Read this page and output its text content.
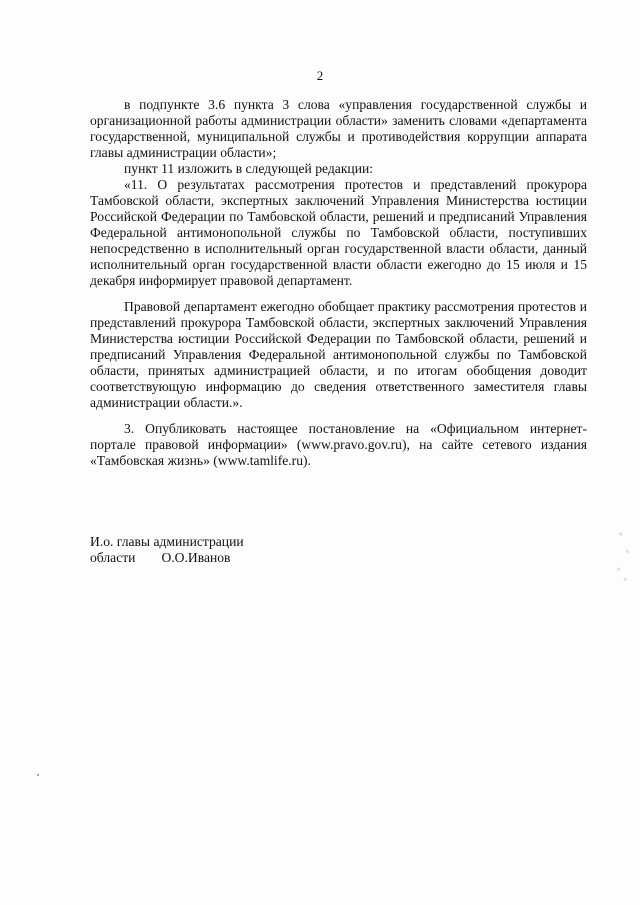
2

в подпункте 3.6 пункта 3 слова «управления государственной службы и организационной работы администрации области» заменить словами «департамента государственной, муниципальной службы и противодействия коррупции аппарата главы администрации области»;

пункт 11 изложить в следующей редакции:

«11. О результатах рассмотрения протестов и представлений прокурора Тамбовской области, экспертных заключений Управления Министерства юстиции Российской Федерации по Тамбовской области, решений и предписаний Управления Федеральной антимонопольной службы по Тамбовской области, поступивших непосредственно в исполнительный орган государственной власти области, данный исполнительный орган государственной власти области ежегодно до 15 июля и 15 декабря информирует правовой департамент.

Правовой департамент ежегодно обобщает практику рассмотрения протестов и представлений прокурора Тамбовской области, экспертных заключений Управления Министерства юстиции Российской Федерации по Тамбовской области, решений и предписаний Управления Федеральной антимонопольной службы по Тамбовской области, принятых администрацией области, и по итогам обобщения доводит соответствующую информацию до сведения ответственного заместителя главы администрации области.».

3. Опубликовать настоящее постановление на «Официальном интернет-портале правовой информации» (www.pravo.gov.ru), на сайте сетевого издания «Тамбовская жизнь» (www.tamlife.ru).

И.о. главы администрации
области О.О.Иванов
